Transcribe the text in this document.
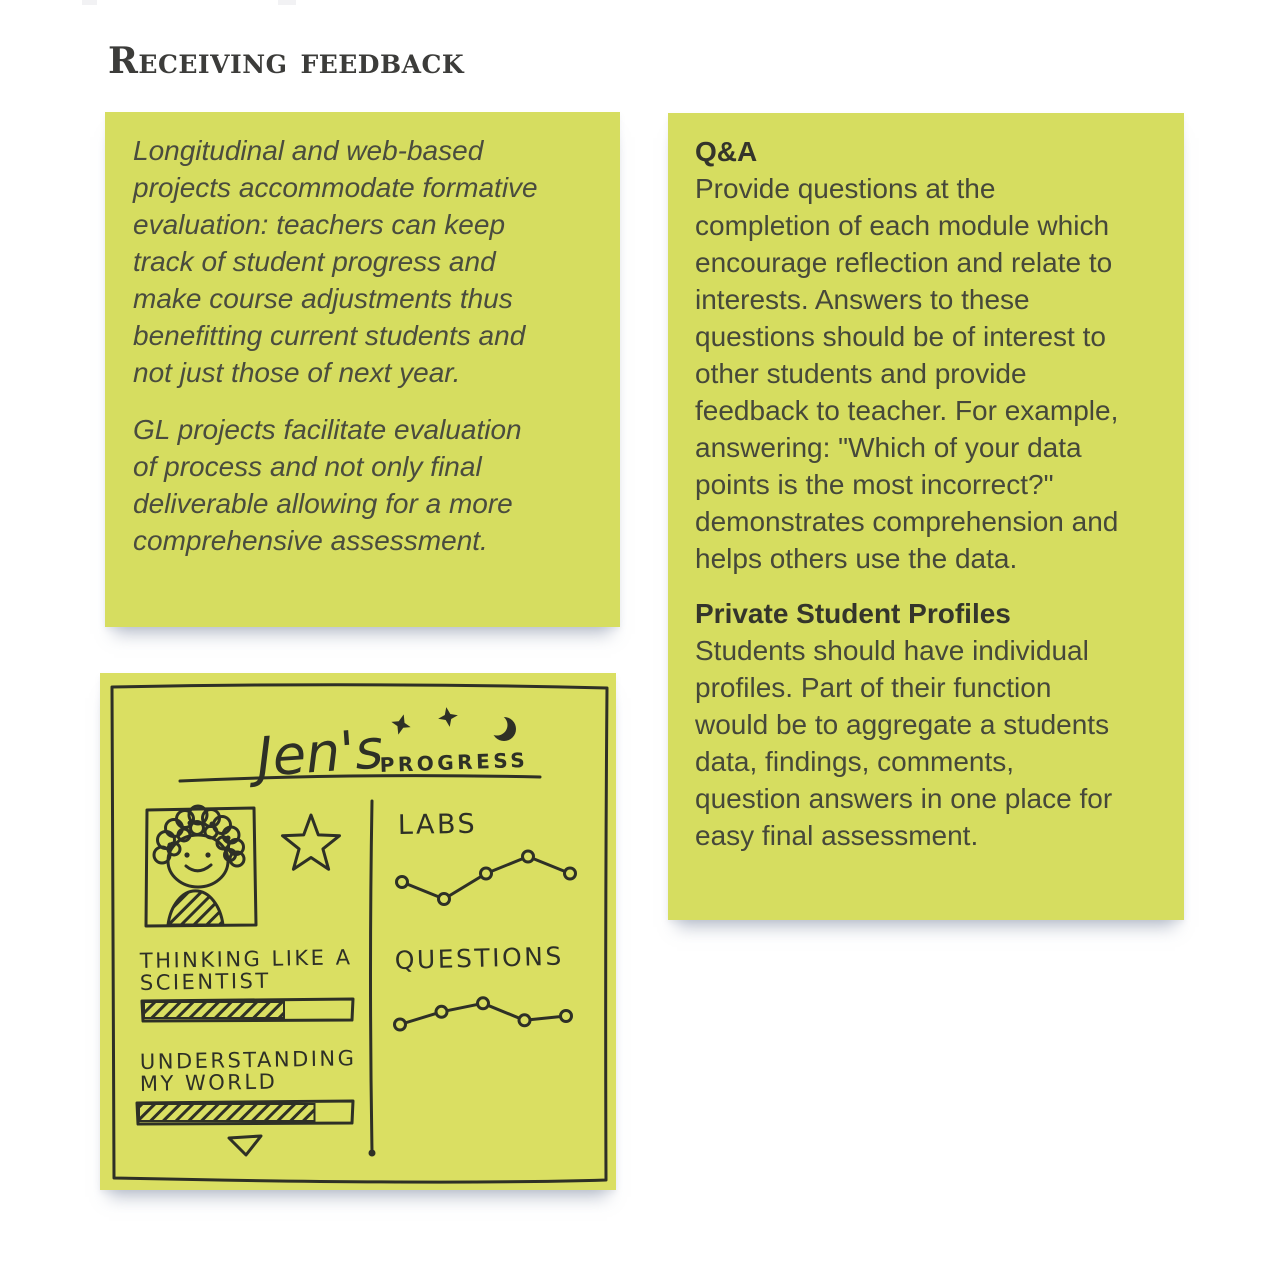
Receiving feedback

Longitudinal and web-based
projects accommodate formative
evaluation: teachers can keep
track of student progress and
make course adjustments thus
benefitting current students and
not just those of next year.

GL projects facilitate evaluation
of process and not only final
deliverable allowing for a more
comprehensive assessment.

Q&A

Provide questions at the
completion of each module which
encourage reflection and relate to
interests. Answers to these
questions should be of interest to
other students and provide
feedback to teacher. For example,
answering: "Which of your data
points is the most incorrect?"
demonstrates comprehension and
helps others use the data.

Private Student Profiles

Students should have individual
profiles. Part of their function
would be to aggregate a students
data, findings, comments,
question answers in one place for
easy final assessment.

Jen's
PROGRESS
LABS
QUESTIONS
THINKING LIKE A
SCIENTIST
UNDERSTANDING
MY WORLD
